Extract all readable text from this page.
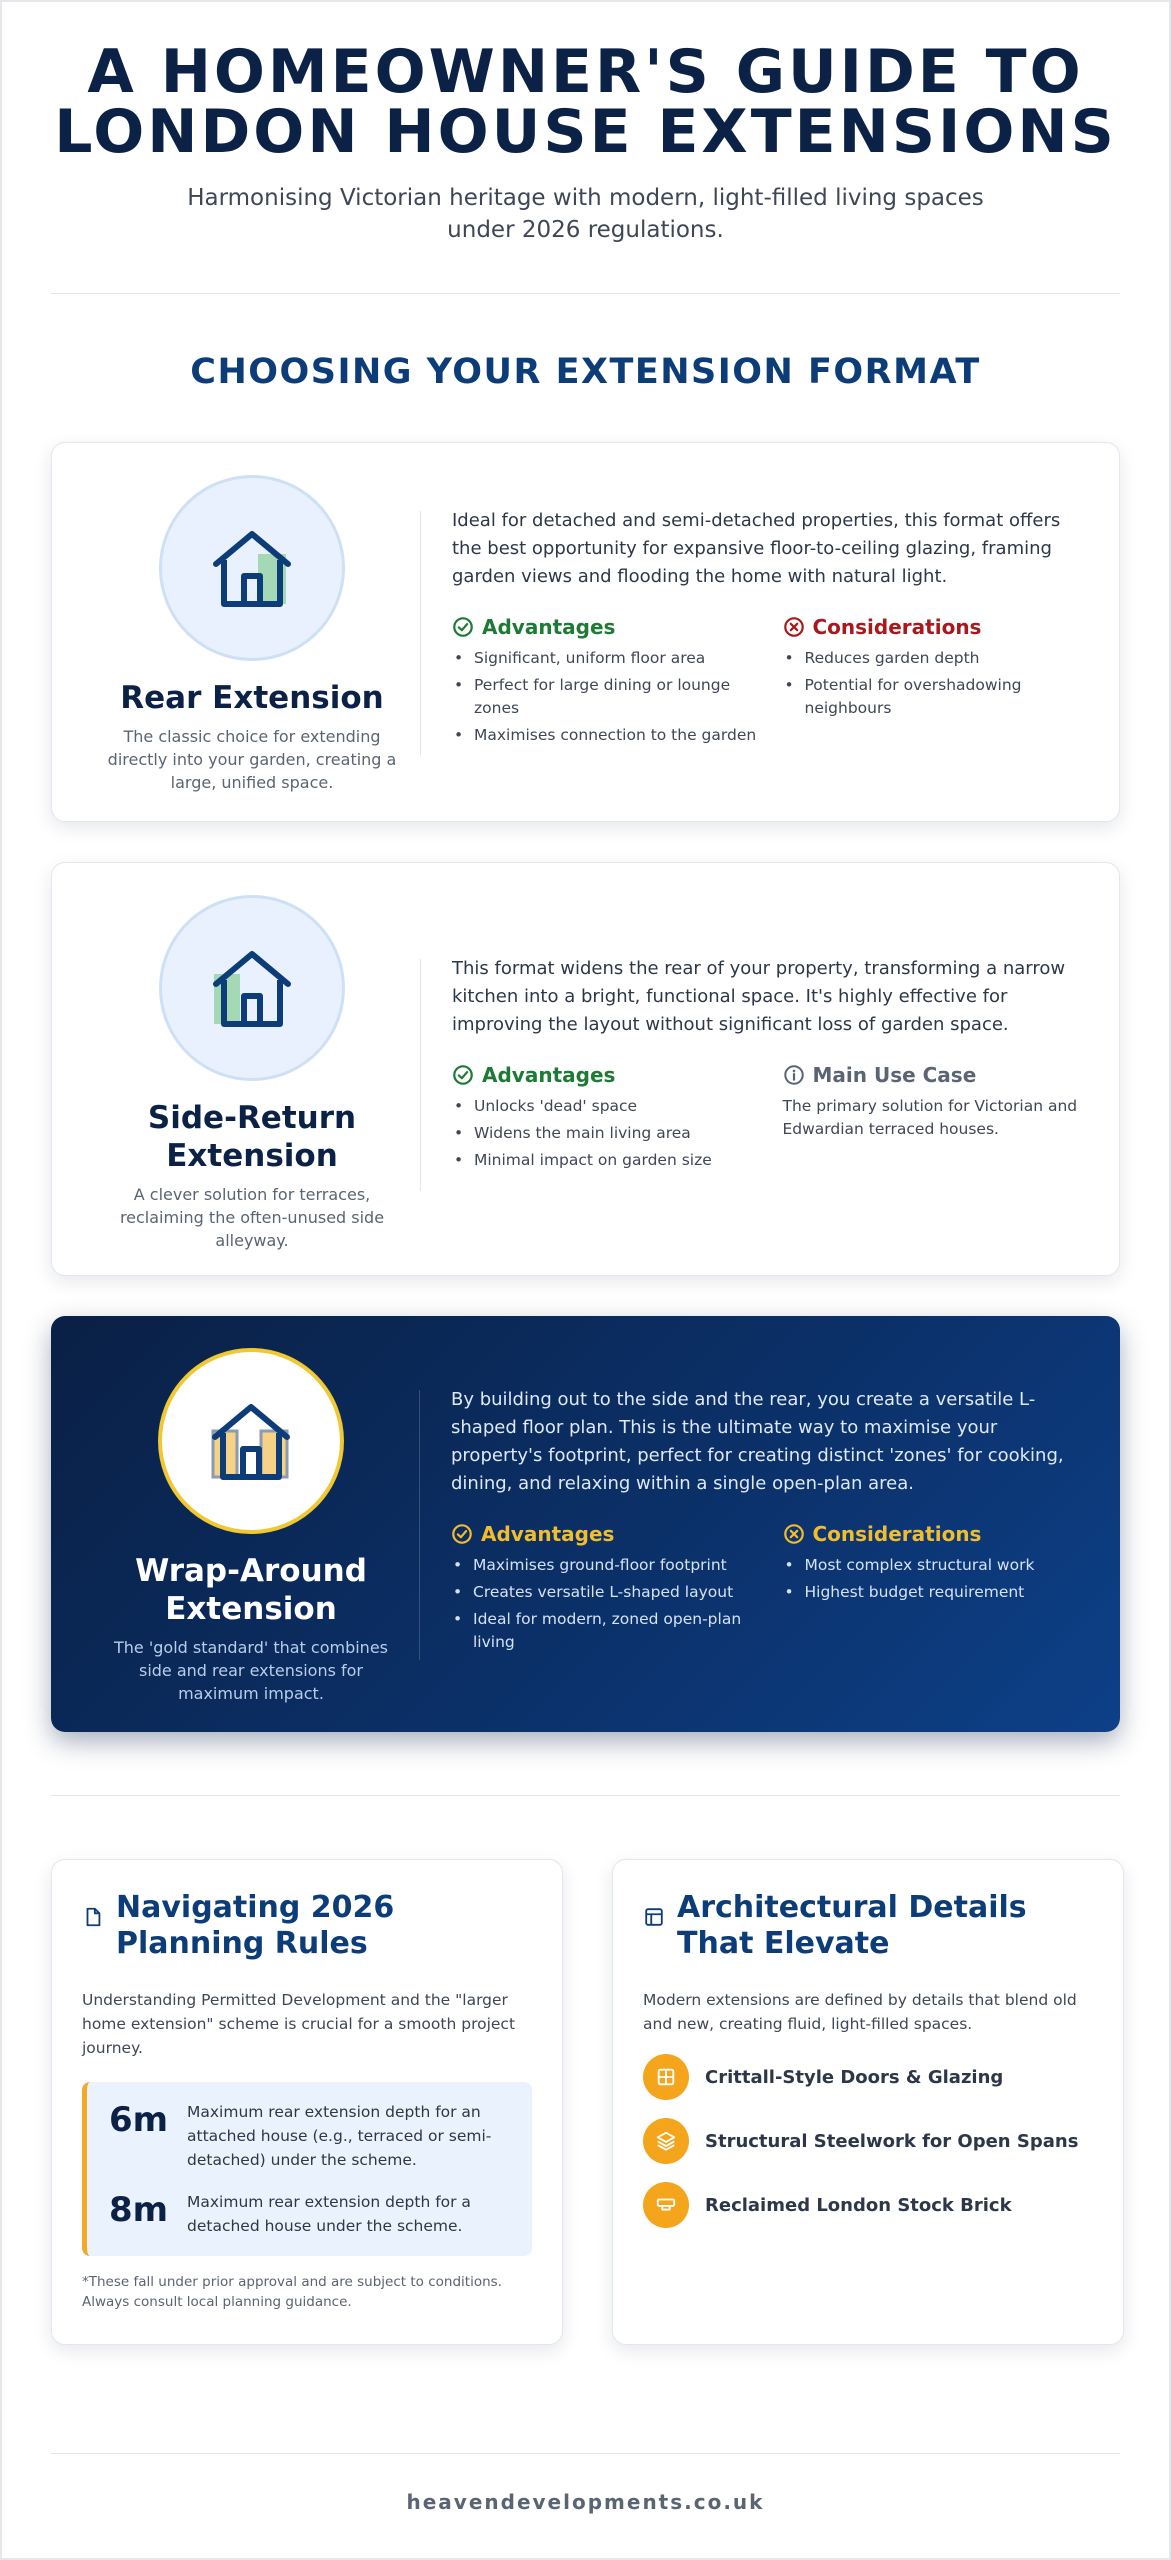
A HOMEOWNER'S GUIDE TO
LONDON HOUSE EXTENSIONS
Harmonising Victorian heritage with modern, light-filled living spaces under 2026 regulations.
CHOOSING YOUR EXTENSION FORMAT
Rear Extension
The classic choice for extending directly into your garden, creating a large, unified space.
Ideal for detached and semi-detached properties, this format offers the best opportunity for expansive floor-to-ceiling glazing, framing garden views and flooding the home with natural light.
Advantages
• Significant, uniform floor area
• Perfect for large dining or lounge zones
• Maximises connection to the garden
Considerations
• Reduces garden depth
• Potential for overshadowing neighbours
Side-Return Extension
A clever solution for terraces, reclaiming the often-unused side alleyway.
This format widens the rear of your property, transforming a narrow kitchen into a bright, functional space. It's highly effective for improving the layout without significant loss of garden space.
Advantages
• Unlocks 'dead' space
• Widens the main living area
• Minimal impact on garden size
Main Use Case
The primary solution for Victorian and Edwardian terraced houses.
Wrap-Around Extension
The 'gold standard' that combines side and rear extensions for maximum impact.
By building out to the side and the rear, you create a versatile L-shaped floor plan. This is the ultimate way to maximise your property's footprint, perfect for creating distinct 'zones' for cooking, dining, and relaxing within a single open-plan area.
Advantages
• Maximises ground-floor footprint
• Creates versatile L-shaped layout
• Ideal for modern, zoned open-plan living
Considerations
• Most complex structural work
• Highest budget requirement
Navigating 2026 Planning Rules
Understanding Permitted Development and the "larger home extension" scheme is crucial for a smooth project journey.
6m	Maximum rear extension depth for an attached house (e.g., terraced or semi-detached) under the scheme.
8m	Maximum rear extension depth for a detached house under the scheme.
*These fall under prior approval and are subject to conditions. Always consult local planning guidance.
Architectural Details That Elevate
Modern extensions are defined by details that blend old and new, creating fluid, light-filled spaces.
Crittall-Style Doors & Glazing
Structural Steelwork for Open Spans
Reclaimed London Stock Brick
heavendevelopments.co.uk
